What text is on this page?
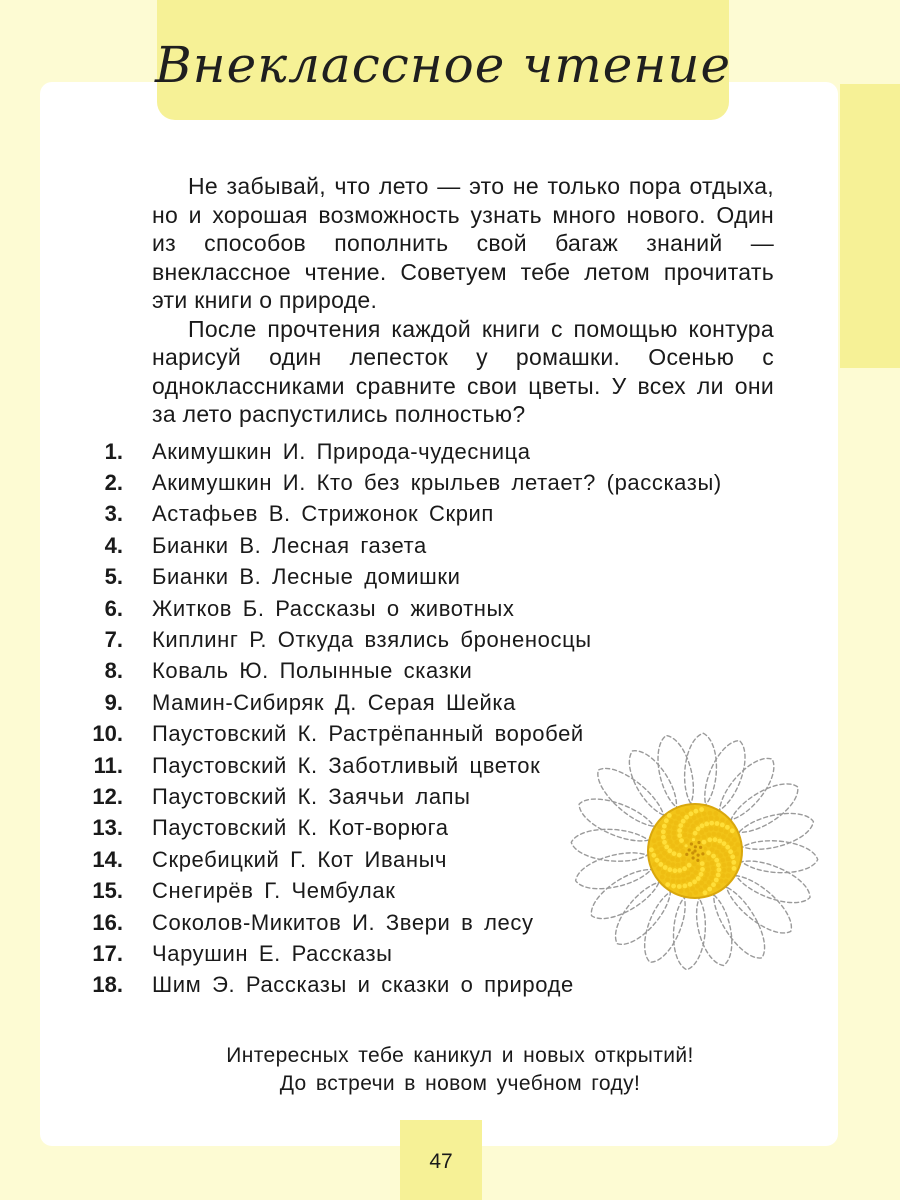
Внеклассное чтение

Не забывай, что лето — это не только пора отдыха, но и хорошая возможность узнать много нового. Один из способов пополнить свой багаж знаний — внеклассное чтение. Советуем тебе летом прочитать эти книги о природе.

После прочтения каждой книги с помощью контура нарисуй один лепесток у ромашки. Осенью с одноклассниками сравните свои цветы. У всех ли они за лето распустились полностью?

1. Акимушкин И. Природа-чудесница
2. Акимушкин И. Кто без крыльев летает? (рассказы)
3. Астафьев В. Стрижонок Скрип
4. Бианки В. Лесная газета
5. Бианки В. Лесные домишки
6. Житков Б. Рассказы о животных
7. Киплинг Р. Откуда взялись броненосцы
8. Коваль Ю. Полынные сказки
9. Мамин-Сибиряк Д. Серая Шейка
10. Паустовский К. Растрёпанный воробей
11. Паустовский К. Заботливый цветок
12. Паустовский К. Заячьи лапы
13. Паустовский К. Кот-ворюга
14. Скребицкий Г. Кот Иваныч
15. Снегирёв Г. Чембулак
16. Соколов-Микитов И. Звери в лесу
17. Чарушин Е. Рассказы
18. Шим Э. Рассказы и сказки о природе
Интересных тебе каникул и новых открытий!
До встречи в новом учебном году!
47
